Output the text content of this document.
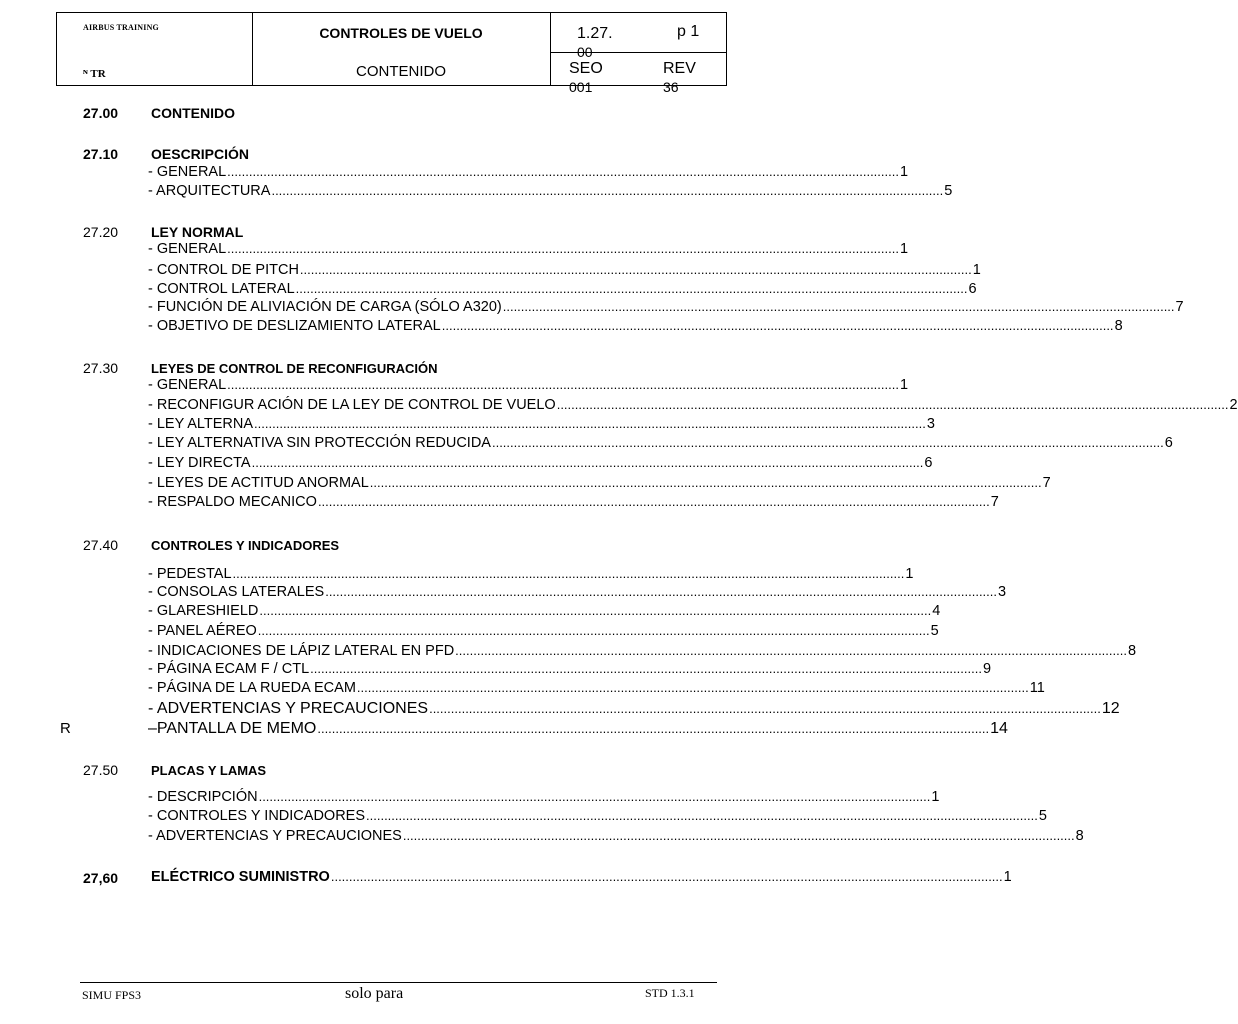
AIRBUS TRAINING
ᴺ TR
CONTROLES DE VUELO
CONTENIDO
1.27.
00
p 1
SEO
001
REV
36
27.00 CONTENIDO
27.10 OESCRIPCIÓN
- GENERAL .....	1
- ARQUITECTURA .....	5
27.20 LEY NORMAL
- GENERAL .....	1
- CONTROL DE PITCH .....	1
- CONTROL LATERAL .....	6
- FUNCIÓN DE ALIVIACIÓN DE CARGA (SÓLO A320) .....	7
- OBJETIVO DE DESLIZAMIENTO LATERAL .....	8
27.30	LEYES DE CONTROL DE RECONFIGURACIÓN
- GENERAL .....	1
- RECONFIGUR ACIÓN DE LA LEY DE CONTROL DE VUELO .....	2
- LEY ALTERNA .....	3
- LEY ALTERNATIVA SIN PROTECCIÓN REDUCIDA .....	6
- LEY DIRECTA .....	6
- LEYES DE ACTITUD ANORMAL .....	7
- RESPALDO MECANICO .....	7
27.40	CONTROLES Y INDICADORES
- PEDESTAL .....	1
- CONSOLAS LATERALES .....	3
- GLARESHIELD .....	4
- PANEL AÉREO .....	5
- INDICACIONES DE LÁPIZ LATERAL EN PFD .....	8
- PÁGINA ECAM F / CTL .....	9
- PÁGINA DE LA RUEDA ECAM .....	11
- ADVERTENCIAS Y PRECAUCIONES .....	12
R	–PANTALLA DE MEMO .....	14
27.50	PLACAS Y LAMAS
- DESCRIPCIÓN .....	1
- CONTROLES Y INDICADORES .....	5
- ADVERTENCIAS Y PRECAUCIONES .....	8
27,60 ELÉCTRICO SUMINISTRO .....	1
SIMU FPS3	solo para	STD 1.3.1
